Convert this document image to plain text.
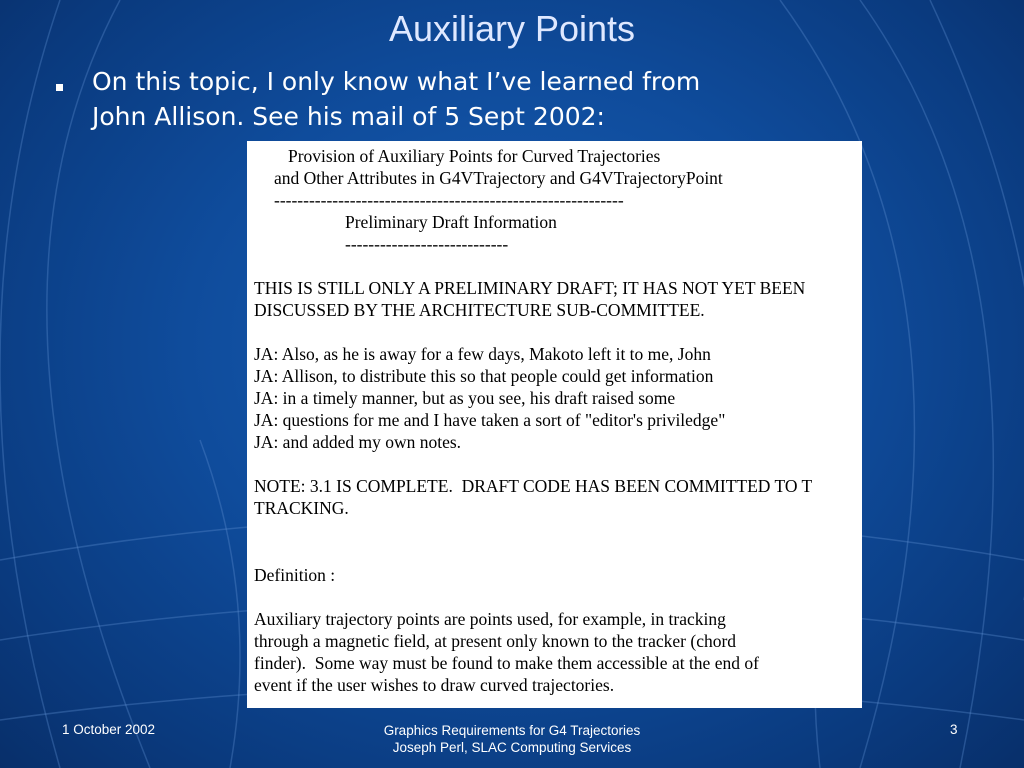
Auxiliary Points
On this topic, I only know what I’ve learned from
John Allison. See his mail of 5 Sept 2002:
Provision of Auxiliary Points for Curved Trajectories
and Other Attributes in G4VTrajectory and G4VTrajectoryPoint
------------------------------------------------------------
Preliminary Draft Information
----------------------------
THIS IS STILL ONLY A PRELIMINARY DRAFT; IT HAS NOT YET BEEN
DISCUSSED BY THE ARCHITECTURE SUB-COMMITTEE.
JA: Also, as he is away for a few days, Makoto left it to me, John
JA: Allison, to distribute this so that people could get information
JA: in a timely manner, but as you see, his draft raised some
JA: questions for me and I have taken a sort of "editor's priviledge"
JA: and added my own notes.
NOTE: 3.1 IS COMPLETE.  DRAFT CODE HAS BEEN COMMITTED TO T
TRACKING.
Definition :
Auxiliary trajectory points are points used, for example, in tracking
through a magnetic field, at present only known to the tracker (chord
finder).  Some way must be found to make them accessible at the end of
event if the user wishes to draw curved trajectories.
1 October 2002	Graphics Requirements for G4 Trajectories
Joseph Perl, SLAC Computing Services
3
